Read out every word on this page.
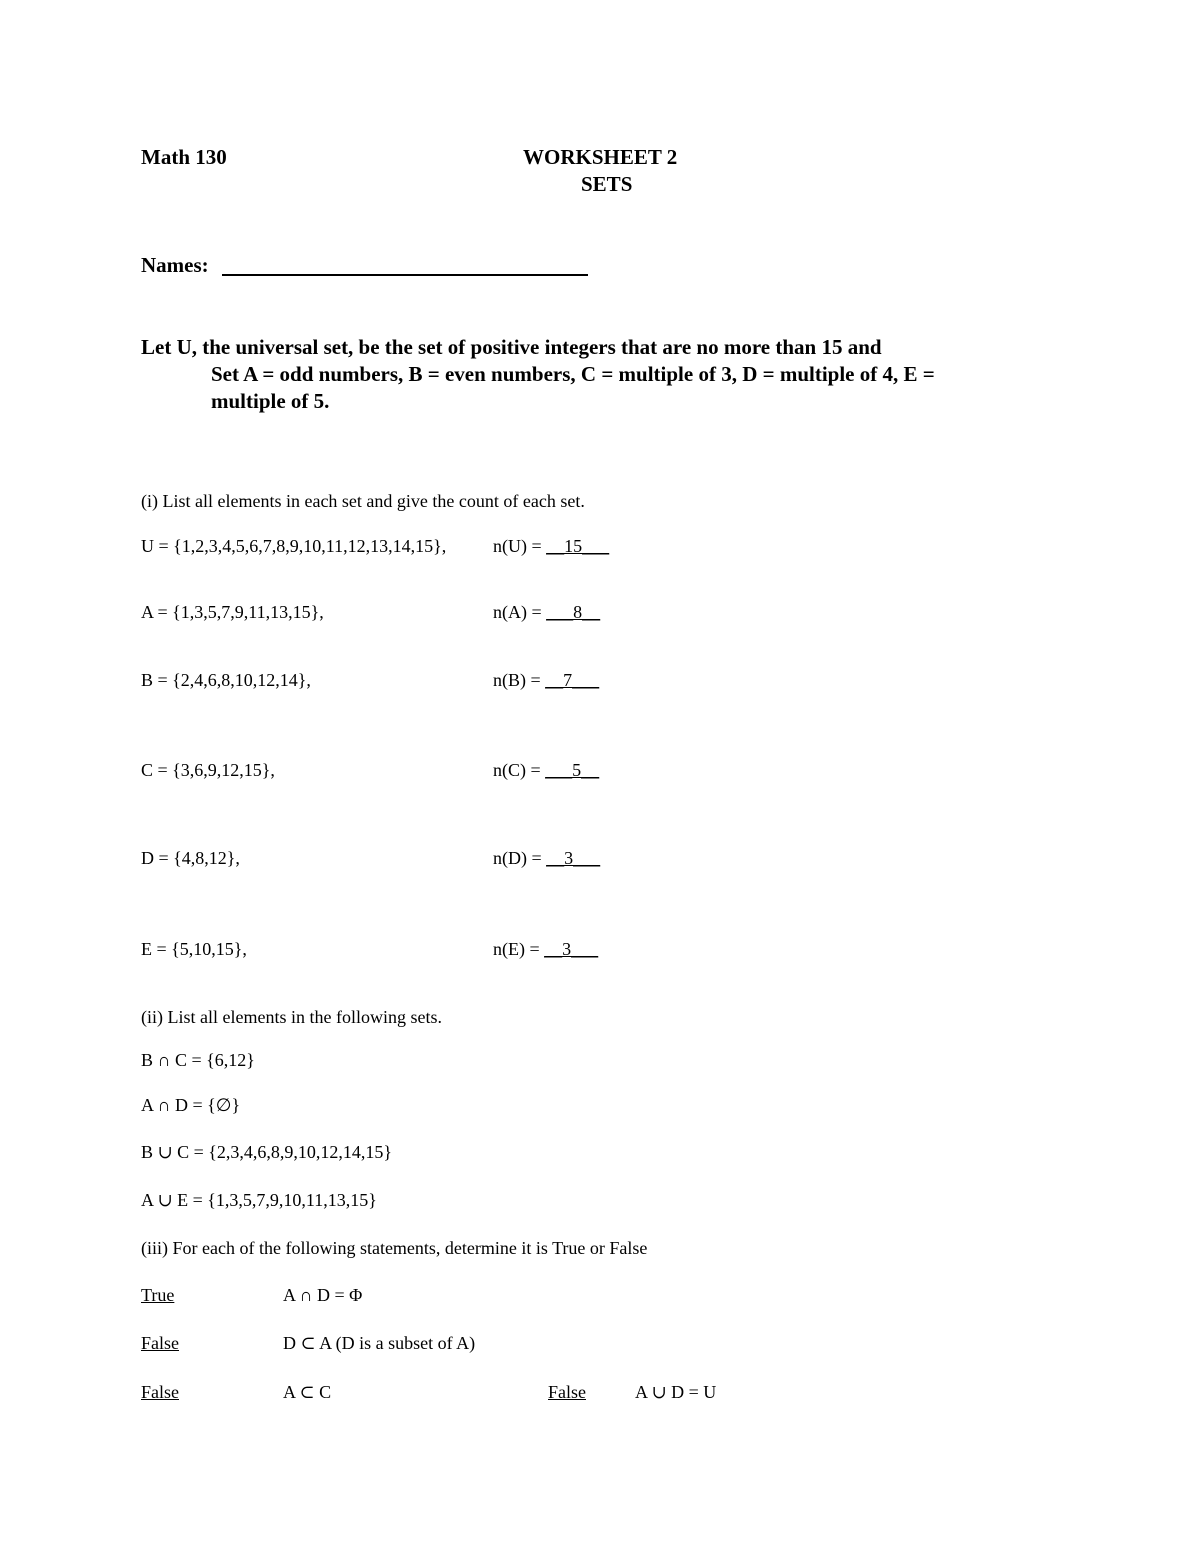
Math 130	WORKSHEET 2
SETS
Names:
Let U, the universal set, be the set of positive integers that are no more than 15 and
Set A = odd numbers, B = even numbers, C = multiple of 3, D = multiple of 4, E =
multiple of 5.
(i) List all elements in each set and give the count of each set.
U = {1,2,3,4,5,6,7,8,9,10,11,12,13,14,15},	n(U) = __15___
A = {1,3,5,7,9,11,13,15},	n(A) = ___8__
B = {2,4,6,8,10,12,14},	n(B) = __7___
C = {3,6,9,12,15},	n(C) = ___5__
D = {4,8,12},	n(D) = __3___
E = {5,10,15},	n(E) = __3___
(ii) List all elements in the following sets.
B ∩ C = {6,12}
A ∩ D = {∅}
B ∪ C = {2,3,4,6,8,9,10,12,14,15}
A ∪ E = {1,3,5,7,9,10,11,13,15}
(iii) For each of the following statements, determine it is True or False
True	A ∩ D = Φ
False	D ⊂ A (D is a subset of A)
False	A ⊂ C	False	A ∪ D = U
